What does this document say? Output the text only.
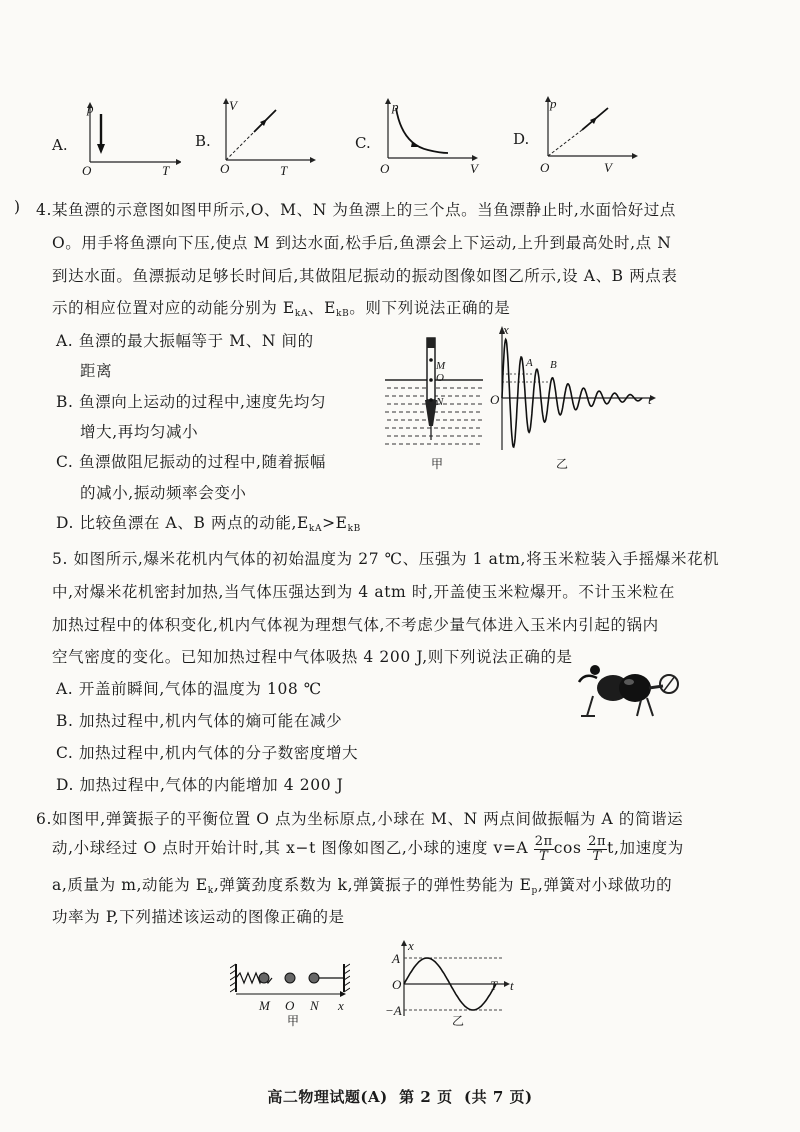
A.	B.	C.	D.
p
T
O
V
T
O
p
V
O
p
V
O
) 4.某鱼漂的示意图如图甲所示,O、M、N 为鱼漂上的三个点。当鱼漂静止时,水面恰好过点
O。用手将鱼漂向下压,使点 M 到达水面,松手后,鱼漂会上下运动,上升到最高处时,点 N
到达水面。鱼漂振动足够长时间后,其做阻尼振动的振动图像如图乙所示,设 A、B 两点表
示的相应位置对应的动能分别为 $E_{kA}$、$E_{kB}$。则下列说法正确的是
A. 鱼漂的最大振幅等于 M、N 间的
距离
B. 鱼漂向上运动的过程中,速度先均匀
增大,再均匀减小
C. 鱼漂做阻尼振动的过程中,随着振幅
的减小,振动频率会变小
D. 比较鱼漂在 A、B 两点的动能$,E_{kA}>E_{kB}$
M
O
N
甲
x
t
O
A B
乙
5. 如图所示,爆米花机内气体的初始温度为 27 ℃、压强为 1 atm,将玉米粒装入手摇爆米花机
中,对爆米花机密封加热,当气体压强达到为 4 atm 时,开盖使玉米粒爆开。不计玉米粒在
加热过程中的体积变化,机内气体视为理想气体,不考虑少量气体进入玉米内引起的锅内
空气密度的变化。已知加热过程中气体吸热 4 200 J,则下列说法正确的是
A. 开盖前瞬间,气体的温度为 108 ℃
B. 加热过程中,机内气体的熵可能在减少
C. 加热过程中,机内气体的分子数密度增大
D. 加热过程中,气体的内能增加 4 200 J
6.如图甲,弹簧振子的平衡位置 O 点为坐标原点,小球在 M、N 两点间做振幅为 A 的简谐运
动,小球经过 O 点时开始计时,其 x−t 图像如图乙,小球的速度 $v=A \frac{2\pi}{T}$ $\cos \frac{2\pi}{T} t$,加速度为
a,质量为 m,动能为 $E_k$,弹簧劲度系数为 k,弹簧振子的弹性势能为 $E_p$,弹簧对小球做功的
功率为 P,下列描述该运动的图像正确的是
M O N x
甲
x
t
A
O
−A
T
乙
高二物理试题(A)  第 2 页  (共 7 页)
